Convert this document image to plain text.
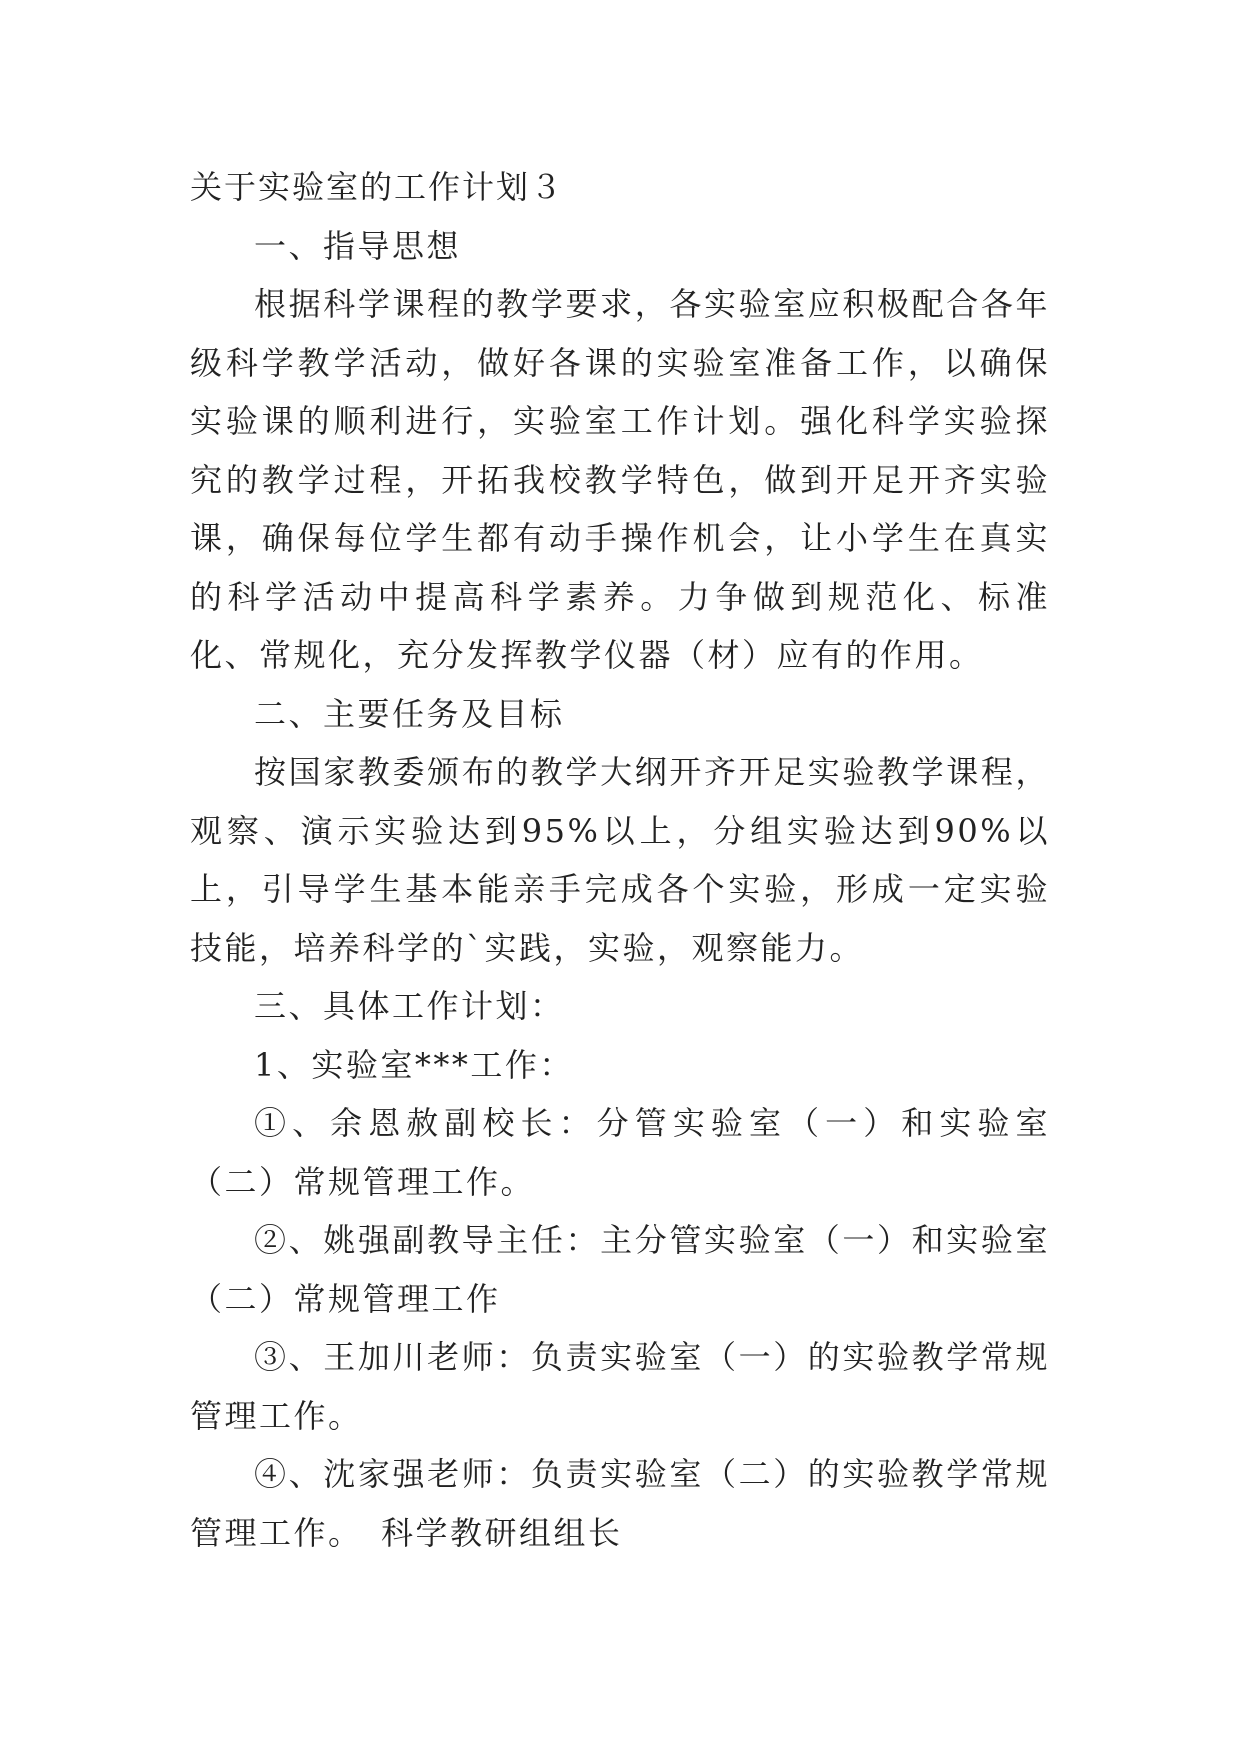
关于实验室的工作计划３

一、指导思想

根据科学课程的教学要求，各实验室应积极配合各年级科学教学活动，做好各课的实验室准备工作，以确保实验课的顺利进行，实验室工作计划。强化科学实验探究的教学过程，开拓我校教学特色，做到开足开齐实验课，确保每位学生都有动手操作机会，让小学生在真实的科学活动中提高科学素养。力争做到规范化、标准化、常规化，充分发挥教学仪器（材）应有的作用。

二、主要任务及目标

按国家教委颁布的教学大纲开齐开足实验教学课程，观察、演示实验达到95%以上，分组实验达到90%以上，引导学生基本能亲手完成各个实验，形成一定实验技能，培养科学的`实践，实验，观察能力。

三、具体工作计划：

1、实验室***工作：

①、余恩赦副校长：分管实验室（一）和实验室（二）常规管理工作。

②、姚强副教导主任：主分管实验室（一）和实验室（二）常规管理工作

③、王加川老师：负责实验室（一）的实验教学常规管理工作。

④、沈家强老师：负责实验室（二）的实验教学常规管理工作。　科学教研组组长
